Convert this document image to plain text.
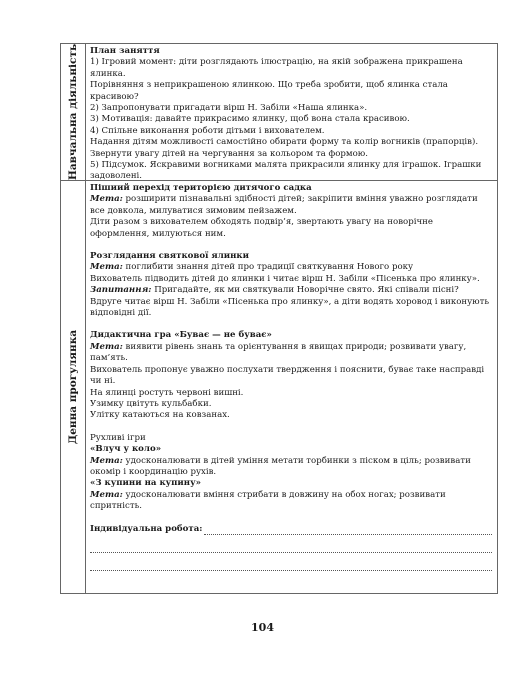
Навчальна діяльність План заняття

1) Ігровий момент: діти розглядають ілюстрацію, на якій зображена прикрашена ялинка.

Порівняння з неприкрашеною ялинкою. Що треба зробити, щоб ялинка стала красивою?

2) Запропонувати пригадати вірш Н. Забіли «Наша ялинка».

3) Мотивація: давайте прикрасимо ялинку, щоб вона стала красивою.

4) Спільне виконання роботи дітьми і вихователем.

Надання дітям можливості самостійно обирати форму та колір вогників (прапорців). Звернути увагу дітей на чергування за кольором та формою.

5) Підсумок. Яскравими вогниками малята прикрасили ялинку для іграшок. Іграшки задоволені.

Денна прогулянка

Пішиий перехід територією дитячого садка

Мета: розширити пізнавальні здібності дітей; закріпити вміння уважно розглядати все довкола, милуватися зимовим пейзажем.

Діти разом з вихователем обходять подвір’я, звертають увагу на новорічне оформлення, милуються ним.

Розглядання святкової ялинки

Мета: поглибити знання дітей про традиції святкування Нового року

Вихователь підводить дітей до ялинки і читає вірш Н. Забіли «Пісенька про ялинку».

Запитання: Пригадайте, як ми святкували Новорічне свято. Які співали пісні?

Вдруге читає вірш Н. Забіли «Пісенька про ялинку», а діти водять хоровод і виконують відповідні дії.

Дидактична гра «Буває — не буває»

Мета: виявити рівень знань та орієнтування в явищах природи; розвивати увагу, пам’ять.

Вихователь пропонує уважно послухати твердження і пояснити, буває таке насправді чи ні.

На ялинці ростуть червоні вишні.

Узимку цвітуть кульбабки.

Улітку катаються на ковзанах.

Рухливі ігри

«Влуч у коло»

Мета: удосконалювати в дітей уміння метати торбинки з піском в ціль; розвивати окомір і координацію рухів.

«З купини на купину»

Мета: удосконалювати вміння стрибати в довжину на обох ногах; розвивати спритність.

Індивідуальна робота:
104
